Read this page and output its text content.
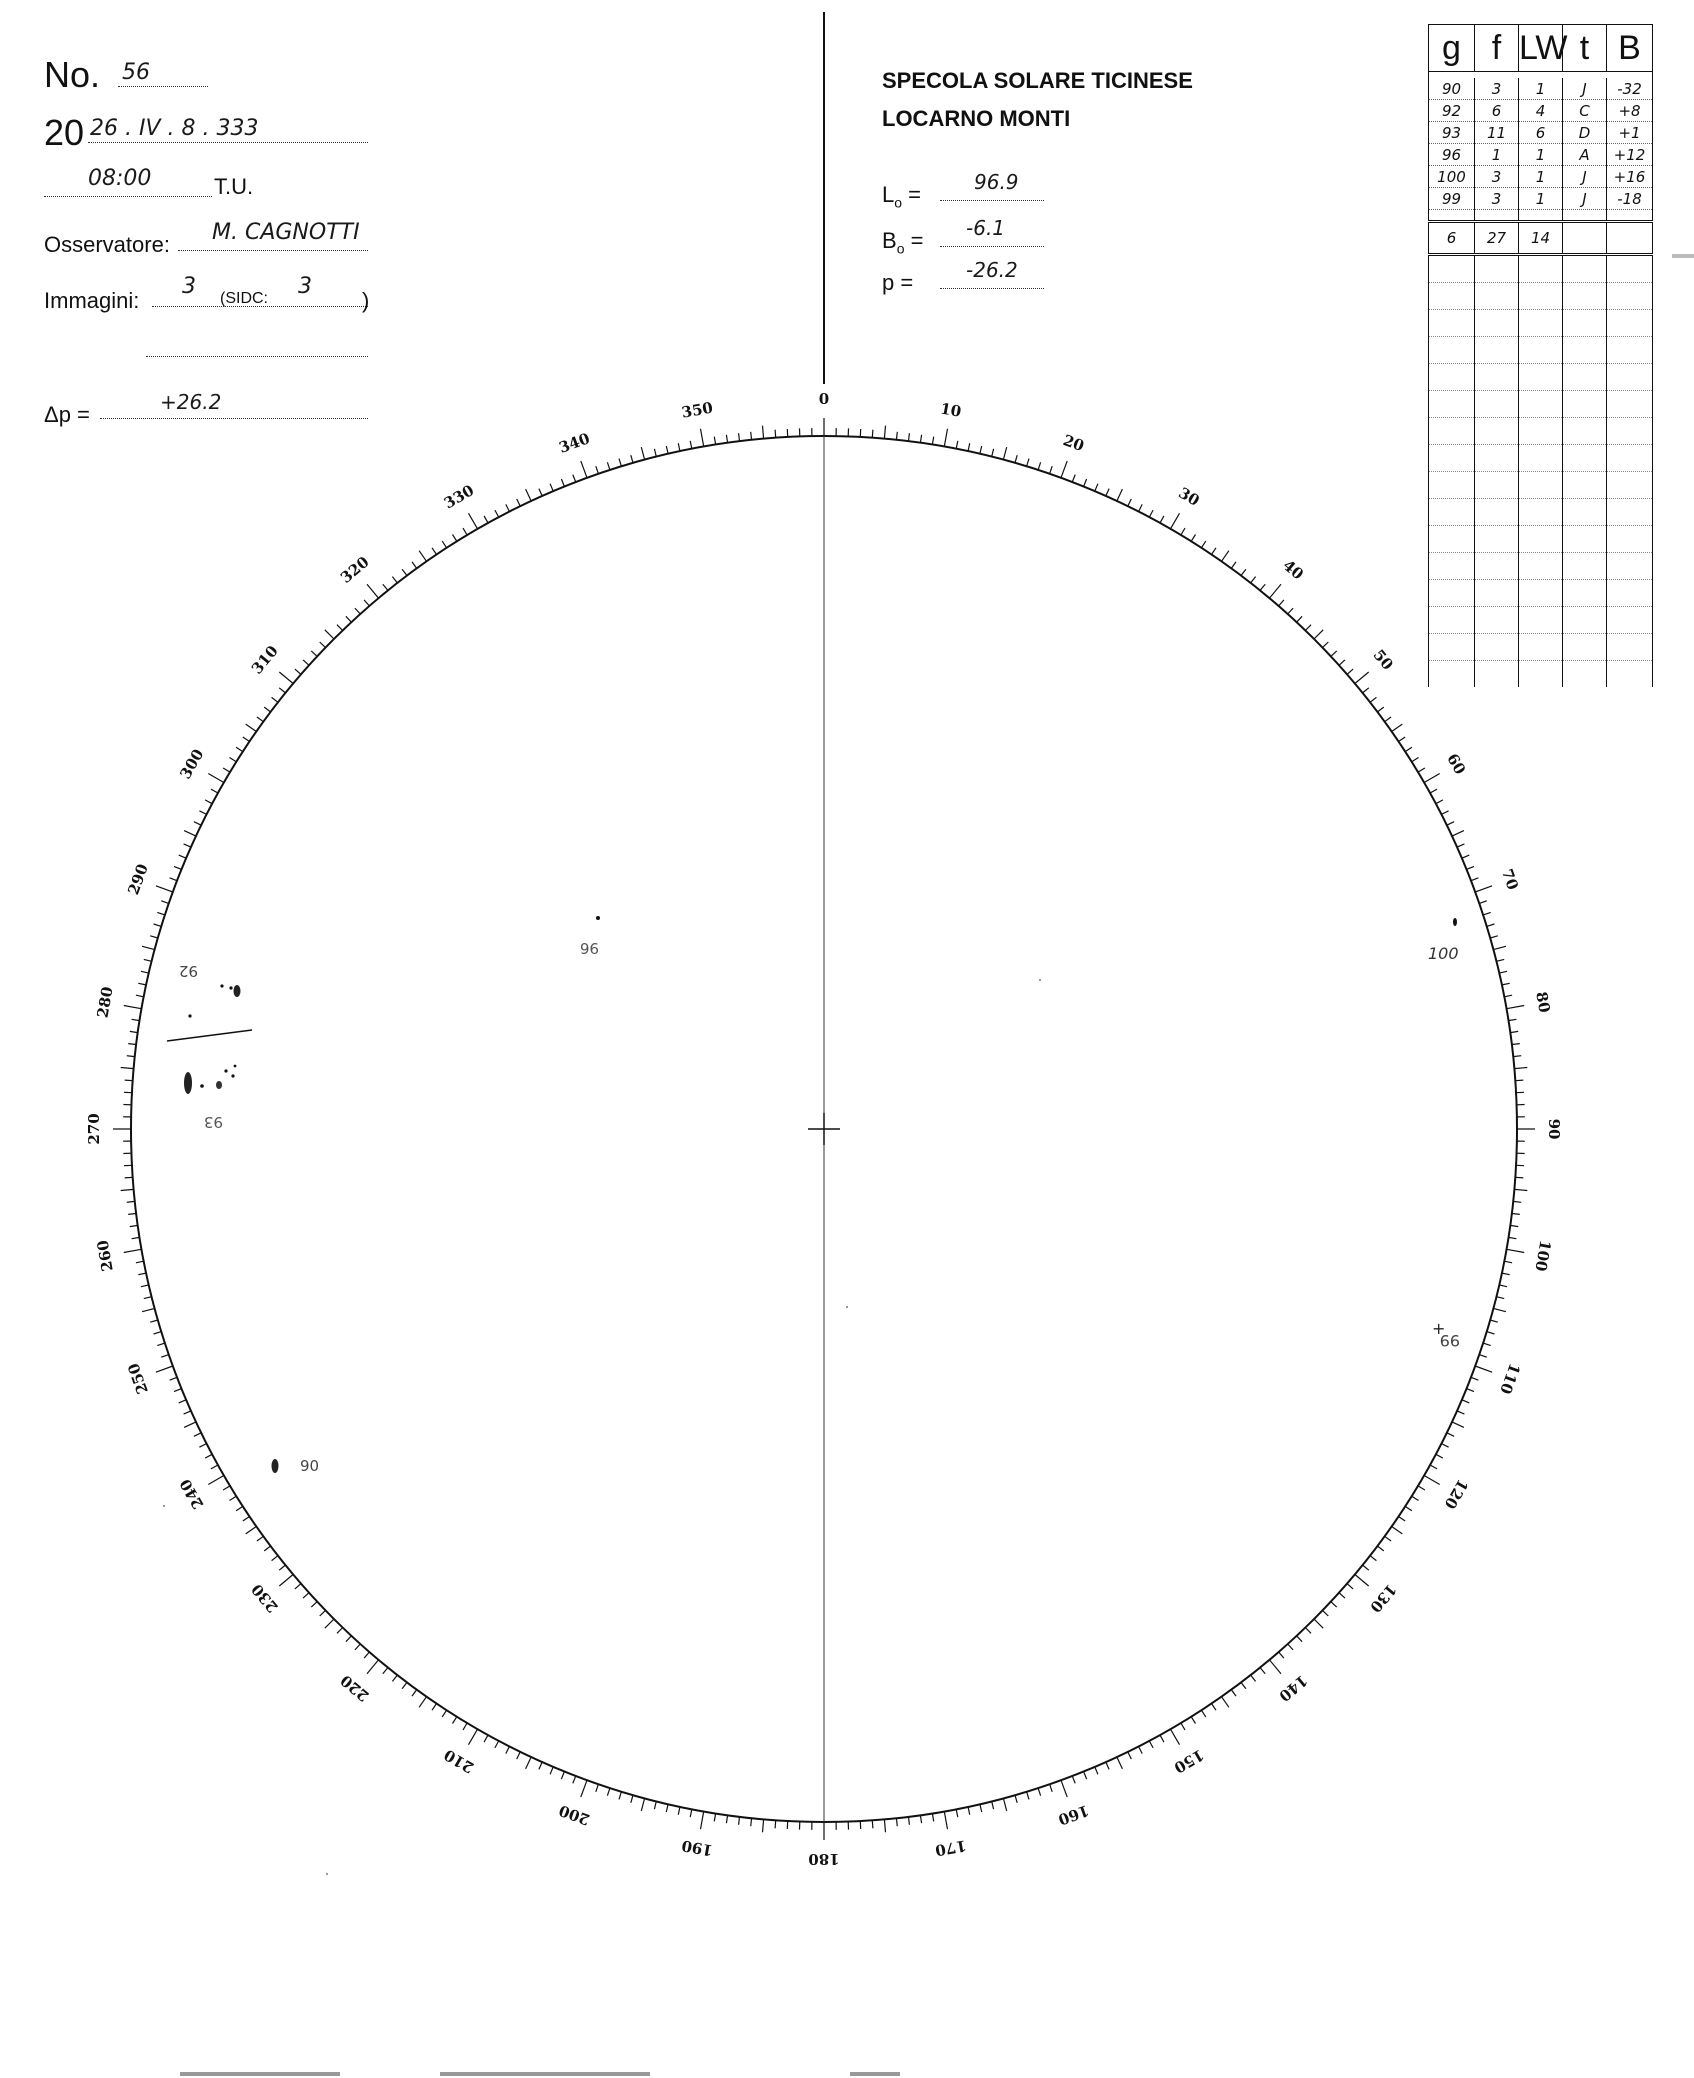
No. 56
20 26 . IV . 8 . 333
08:00	T.U.
Osservatore: M. CAGNOTTI
Immagini:
3 (SIDC: 3
)
Δp =	+26.2
SPECOLA SOLARE TICINESE
LOCARNO MONTI
$L_o$ =	96.9
$B_o = -6.1$
p =	-26.2
g	f	LW	t	B

90	3	1	J	-32
92	6	4	C	+8
93	11	6	D	+1
96	1	1	A	+12
100	3	1	J	+16
99	3	1	J	-18

6	27	14		

0
10
20
30
40
50
60
70
80
90
100
110
120
130
140
150
160
170
180
190
200
210
220
230
240
250
260
270
280
290
300
310
320
330
340
350
96
92
93
100
+
99
90
